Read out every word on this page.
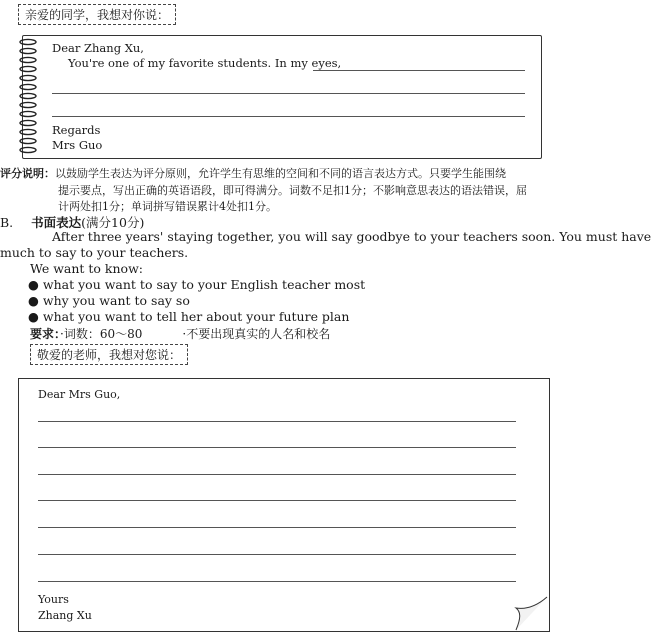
亲爱的同学，我想对你说：
Dear Zhang Xu,
You're one of my favorite students. In my eyes,
Regards
Mrs Guo
评分说明：以鼓励学生表达为评分原则，允许学生有思维的空间和不同的语言表达方式。只要学生能围绕
提示要点，写出正确的英语语段，即可得满分。词数不足扣1分；不影响意思表达的语法错误，屈
计两处扣1分；单词拼写错误累计4处扣1分。
B. 书面表达(满分10分)
After three years' staying together, you will say goodbye to your teachers soon. You must have
much to say to your teachers.
We want to know:
● what you want to say to your English teacher most
● why you want to say so
● what you want to tell her about your future plan
要求：·词数：60～80	·不要出现真实的人名和校名
敬爱的老师，我想对您说：
Dear Mrs Guo,
Yours
Zhang Xu
